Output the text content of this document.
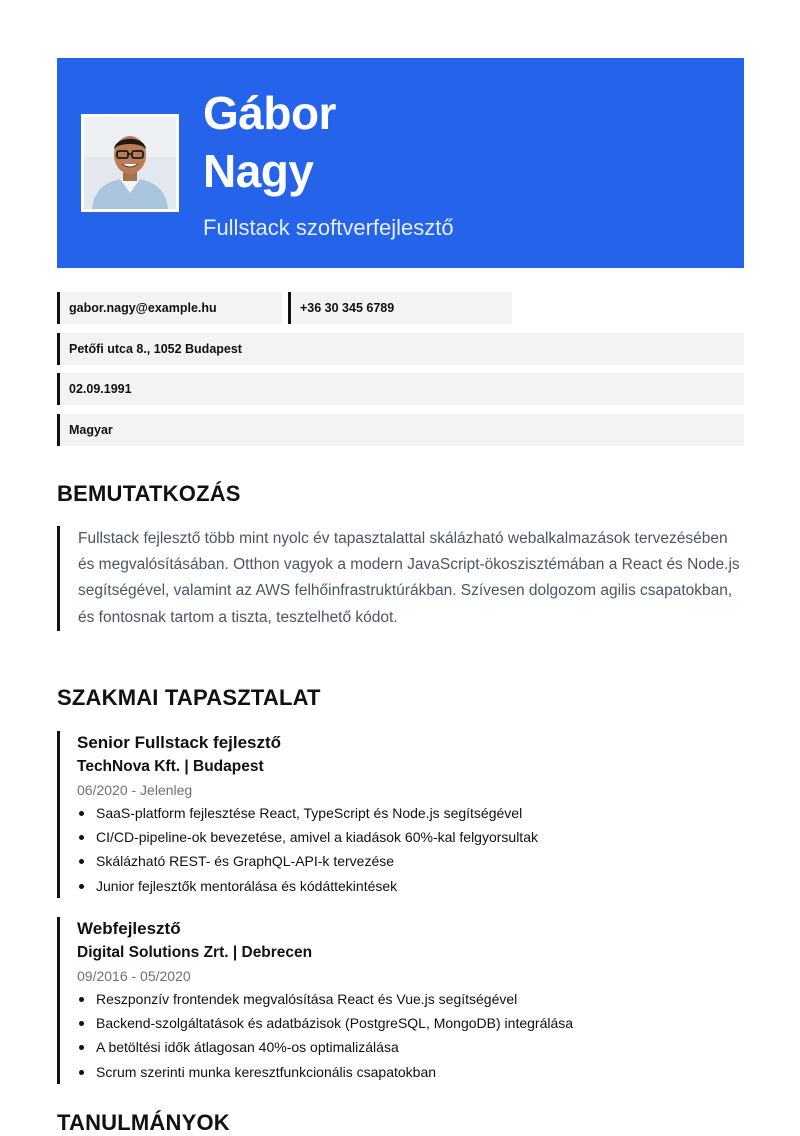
Gábor
Nagy
Fullstack szoftverfejlesztő
gabor.nagy@example.hu	+36 30 345 6789
Petőfi utca 8., 1052 Budapest
02.09.1991
Magyar
BEMUTATKOZÁS

Fullstack fejlesztő több mint nyolc év tapasztalattal skálázható webalkalmazások tervezésében és megvalósításában. Otthon vagyok a modern JavaScript-ökoszisztémában a React és Node.js segítségével, valamint az AWS felhőinfrastruktúrákban. Szívesen dolgozom agilis csapatokban, és fontosnak tartom a tiszta, tesztelhető kódot.

SZAKMAI TAPASZTALAT
Senior Fullstack fejlesztő
TechNova Kft. | Budapest
06/2020 - Jelenleg
SaaS-platform fejlesztése React, TypeScript és Node.js segítségével
CI/CD-pipeline-ok bevezetése, amivel a kiadások 60%-kal felgyorsultak
Skálázható REST- és GraphQL-API-k tervezése
Junior fejlesztők mentorálása és kódáttekintések
Webfejlesztő
Digital Solutions Zrt. | Debrecen
09/2016 - 05/2020
Reszponzív frontendek megvalósítása React és Vue.js segítségével
Backend-szolgáltatások és adatbázisok (PostgreSQL, MongoDB) integrálása
A betöltési idők átlagosan 40%-os optimalizálása
Scrum szerinti munka keresztfunkcionális csapatokban
TANULMÁNYOK
